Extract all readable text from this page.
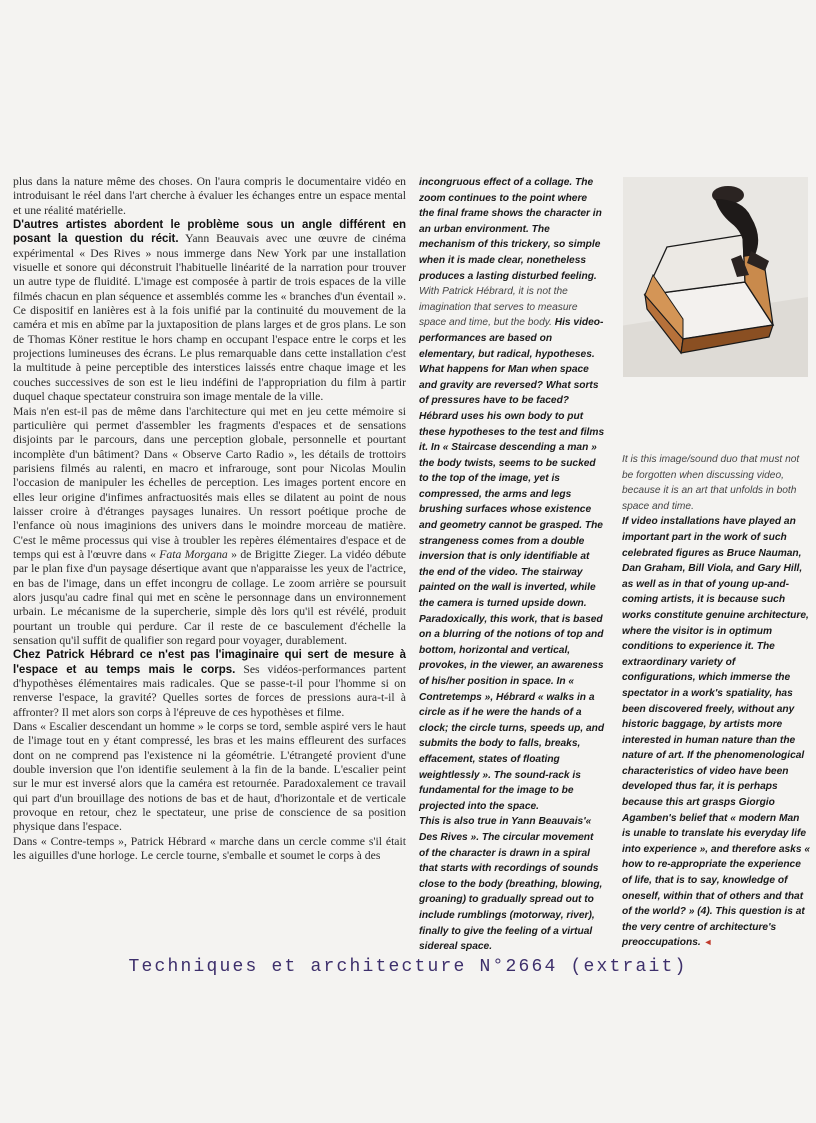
plus dans la nature même des choses. On l'aura compris le documentaire vidéo en introduisant le réel dans l'art cherche à évaluer les échanges entre un espace mental et une réalité matérielle.

D'autres artistes abordent le problème sous un angle différent en posant la question du récit. Yann Beauvais avec une œuvre de cinéma expérimental « Des Rives » nous immerge dans New York par une installation visuelle et sonore qui déconstruit l'habituelle linéarité de la narration pour trouver un autre type de fluidité. L'image est composée à partir de trois espaces de la ville filmés chacun en plan séquence et assemblés comme les « branches d'un éventail ». Ce dispositif en lanières est à la fois unifié par la continuité du mouvement de la caméra et mis en abîme par la juxtaposition de plans larges et de gros plans. Le son de Thomas Köner restitue le hors champ en occupant l'espace entre le corps et les projections lumineuses des écrans. Le plus remarquable dans cette installation c'est la multitude à peine perceptible des interstices laissés entre chaque image et les couches successives de son est le lieu indéfini de l'appropriation du film à partir duquel chaque spectateur construira son image mentale de la ville.

Mais n'en est-il pas de même dans l'architecture qui met en jeu cette mémoire si particulière qui permet d'assembler les fragments d'espaces et de sensations disjoints par le parcours, dans une perception globale, personnelle et pourtant incomplète d'un bâtiment? Dans « Observe Carto Radio », les détails de trottoirs parisiens filmés au ralenti, en macro et infrarouge, sont pour Nicolas Moulin l'occasion de manipuler les échelles de perception. Les images portent encore en elles leur origine d'infimes anfractuosités mais elles se dilatent au point de nous laisser croire à d'étranges paysages lunaires. Un ressort poétique proche de l'enfance où nous imaginions des univers dans le moindre morceau de matière. C'est le même processus qui vise à troubler les repères élémentaires d'espace et de temps qui est à l'œuvre dans « Fata Morgana » de Brigitte Zieger. La vidéo débute par le plan fixe d'un paysage désertique avant que n'apparaisse les yeux de l'actrice, en bas de l'image, dans un effet incongru de collage. Le zoom arrière se poursuit alors jusqu'au cadre final qui met en scène le personnage dans un environnement urbain. Le mécanisme de la supercherie, simple dès lors qu'il est révélé, produit pourtant un trouble qui perdure. Car il reste de ce basculement d'échelle la sensation qu'il suffit de qualifier son regard pour voyager, durablement.

Chez Patrick Hébrard ce n'est pas l'imaginaire qui sert de mesure à l'espace et au temps mais le corps. Ses vidéos-performances partent d'hypothèses élémentaires mais radicales. Que se passe-t-il pour l'homme si on renverse l'espace, la gravité? Quelles sortes de forces de pressions aura-t-il à affronter? Il met alors son corps à l'épreuve de ces hypothèses et filme.

Dans « Escalier descendant un homme » le corps se tord, semble aspiré vers le haut de l'image tout en y étant compressé, les bras et les mains effleurent des surfaces dont on ne comprend pas l'existence ni la géométrie. L'étrangeté provient d'une double inversion que l'on identifie seulement à la fin de la bande. L'escalier peint sur le mur est inversé alors que la caméra est retournée. Paradoxalement ce travail qui part d'un brouillage des notions de bas et de haut, d'horizontale et de verticale provoque en retour, chez le spectateur, une prise de conscience de sa position physique dans l'espace.

Dans « Contre-temps », Patrick Hébrard « marche dans un cercle comme s'il était les aiguilles d'une horloge. Le cercle tourne, s'emballe et soumet le corps à des

incongruous effect of a collage. The zoom continues to the point where the final frame shows the character in an urban environment. The mechanism of this trickery, so simple when it is made clear, nonetheless produces a lasting disturbed feeling.

With Patrick Hébrard, it is not the imagination that serves to measure space and time, but the body. His video-performances are based on elementary, but radical, hypotheses. What happens for Man when space and gravity are reversed? What sorts of pressures have to be faced? Hébrard uses his own body to put these hypotheses to the test and films it. In « Staircase descending a man » the body twists, seems to be sucked to the top of the image, yet is compressed, the arms and legs brushing surfaces whose existence and geometry cannot be grasped. The strangeness comes from a double inversion that is only identifiable at the end of the video. The stairway painted on the wall is inverted, while the camera is turned upside down. Paradoxically, this work, that is based on a blurring of the notions of top and bottom, horizontal and vertical, provokes, in the viewer, an awareness of his/her position in space. In « Contretemps », Hébrard « walks in a circle as if he were the hands of a clock; the circle turns, speeds up, and submits the body to falls, breaks, effacement, states of floating weightlessly ». The sound-rack is fundamental for the image to be projected into the space.

This is also true in Yann Beauvais'« Des Rives ». The circular movement of the character is drawn in a spiral that starts with recordings of sounds close to the body (breathing, blowing, groaning) to gradually spread out to include rumblings (motorway, river), finally to give the feeling of a virtual sidereal space.

It is this image/sound duo that must not be forgotten when discussing video, because it is an art that unfolds in both space and time.

If video installations have played an important part in the work of such celebrated figures as Bruce Nauman, Dan Graham, Bill Viola, and Gary Hill, as well as in that of young up-and-coming artists, it is because such works constitute genuine architecture, where the visitor is in optimum conditions to experience it. The extraordinary variety of configurations, which immerse the spectator in a work's spatiality, has been discovered freely, without any historic baggage, by artists more interested in human nature than the nature of art. If the phenomenological characteristics of video have been developed thus far, it is perhaps because this art grasps Giorgio Agamben's belief that « modern Man is unable to translate his everyday life into experience », and therefore asks « how to re-appropriate the experience of life, that is to say, knowledge of oneself, within that of others and that of the world? » (4). This question is at the very centre of architecture's preoccupations. ◄

Techniques et architecture N°2664 (extrait)
